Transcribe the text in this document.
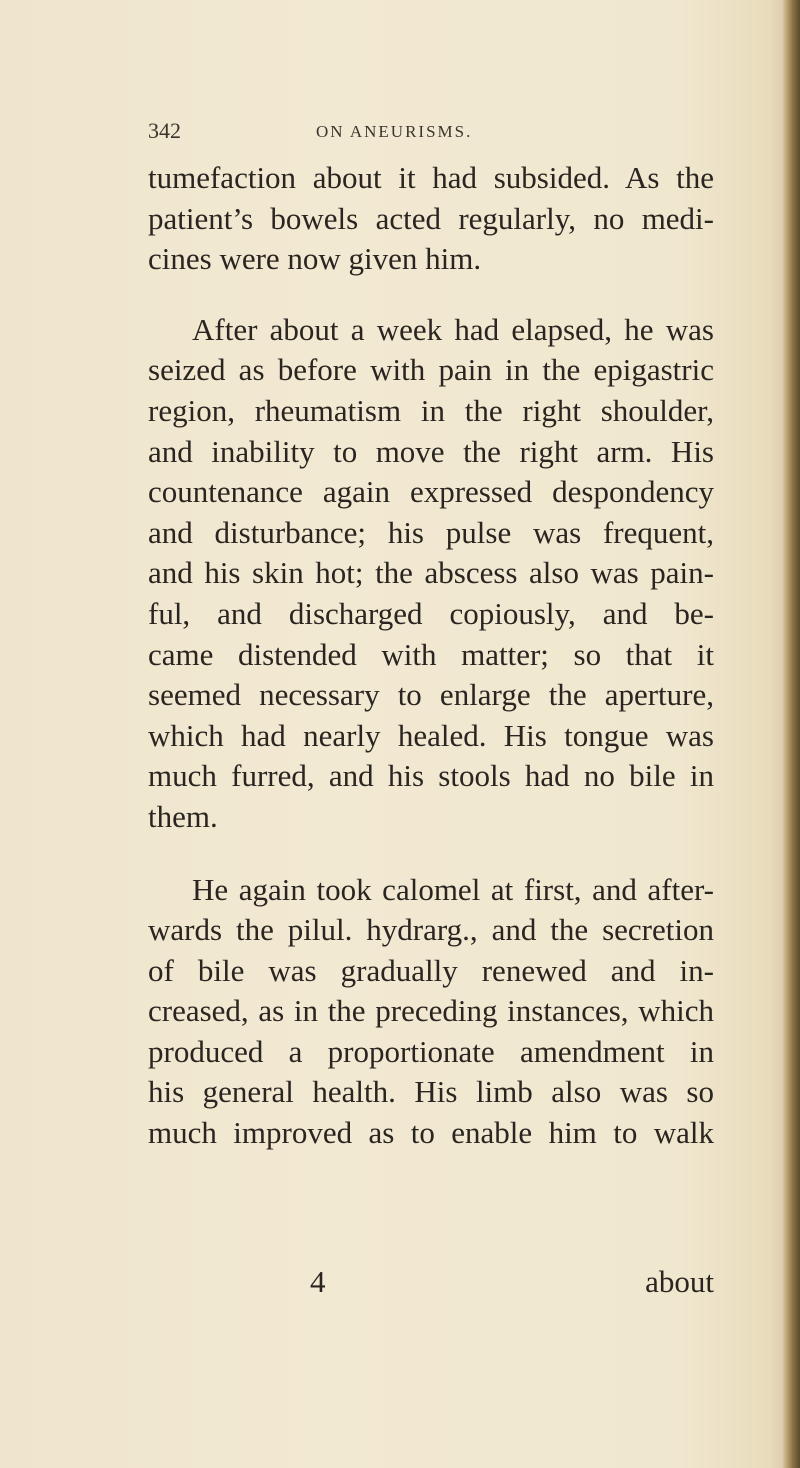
342	ON ANEURISMS.
tumefaction about it had subsided. As the
patient’s bowels acted regularly, no medi-
cines were now given him.
After about a week had elapsed, he was
seized as before with pain in the epigastric
region, rheumatism in the right shoulder,
and inability to move the right arm. His
countenance again expressed despondency
and disturbance; his pulse was frequent,
and his skin hot; the abscess also was pain-
ful, and discharged copiously, and be-
came distended with matter; so that it
seemed necessary to enlarge the aperture,
which had nearly healed. His tongue was
much furred, and his stools had no bile in
them.
He again took calomel at first, and after-
wards the pilul. hydrarg., and the secretion
of bile was gradually renewed and in-
creased, as in the preceding instances, which
produced a proportionate amendment in
his general health. His limb also was so
much improved as to enable him to walk
4	about
